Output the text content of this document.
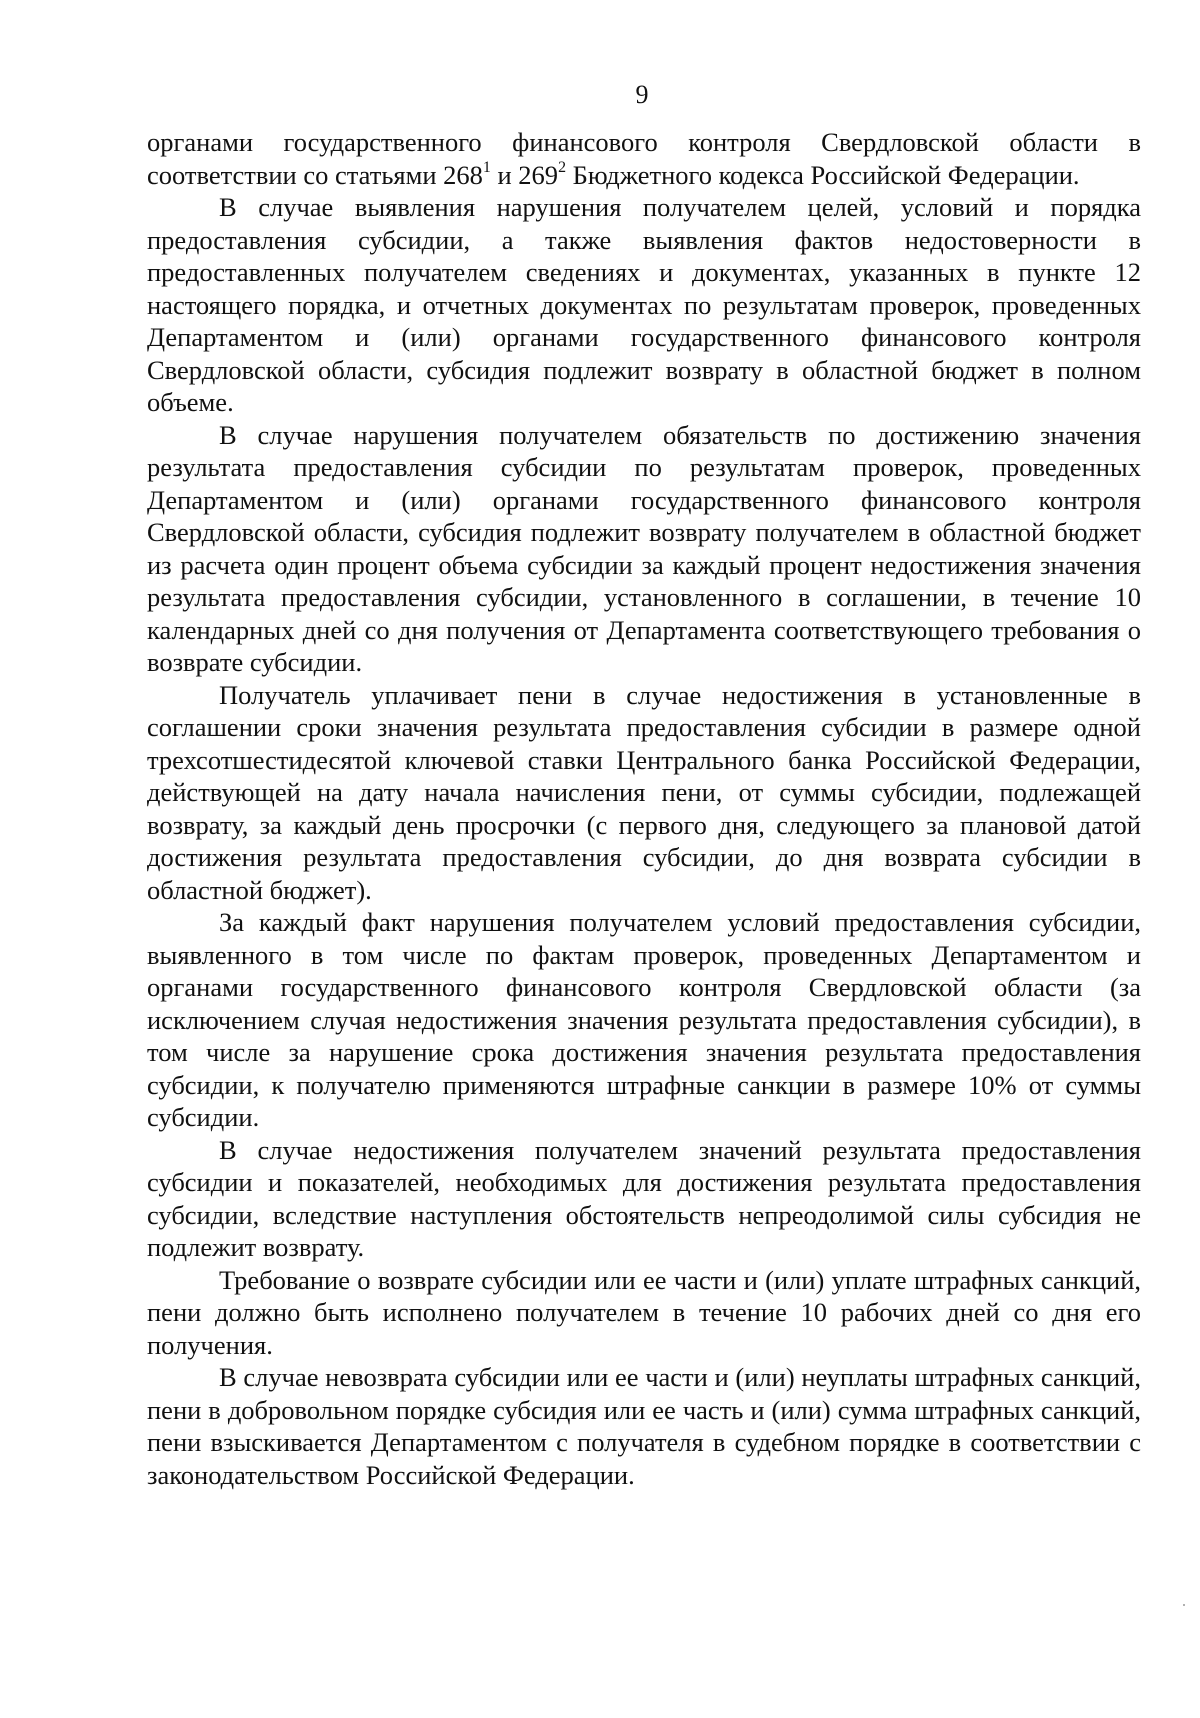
9

органами государственного финансового контроля Свердловской области в соответствии со статьями $268^1$ и $269^2$ Бюджетного кодекса Российской Федерации.

В случае выявления нарушения получателем целей, условий и порядка предоставления субсидии, а также выявления фактов недостоверности в предоставленных получателем сведениях и документах, указанных в пункте 12 настоящего порядка, и отчетных документах по результатам проверок, проведенных Департаментом и (или) органами государственного финансового контроля Свердловской области, субсидия подлежит возврату в областной бюджет в полном объеме.

В случае нарушения получателем обязательств по достижению значения результата предоставления субсидии по результатам проверок, проведенных Департаментом и (или) органами государственного финансового контроля Свердловской области, субсидия подлежит возврату получателем в областной бюджет из расчета один процент объема субсидии за каждый процент недостижения значения результата предоставления субсидии, установленного в соглашении, в течение 10 календарных дней со дня получения от Департамента соответствующего требования о возврате субсидии.

Получатель уплачивает пени в случае недостижения в установленные в соглашении сроки значения результата предоставления субсидии в размере одной трехсотшестидесятой ключевой ставки Центрального банка Российской Федерации, действующей на дату начала начисления пени, от суммы субсидии, подлежащей возврату, за каждый день просрочки (с первого дня, следующего за плановой датой достижения результата предоставления субсидии, до дня возврата субсидии в областной бюджет).

За каждый факт нарушения получателем условий предоставления субсидии, выявленного в том числе по фактам проверок, проведенных Департаментом и органами государственного финансового контроля Свердловской области (за исключением случая недостижения значения результата предоставления субсидии), в том числе за нарушение срока достижения значения результата предоставления субсидии, к получателю применяются штрафные санкции в размере 10% от суммы субсидии.

В случае недостижения получателем значений результата предоставления субсидии и показателей, необходимых для достижения результата предоставления субсидии, вследствие наступления обстоятельств непреодолимой силы субсидия не подлежит возврату.

Требование о возврате субсидии или ее части и (или) уплате штрафных санкций, пени должно быть исполнено получателем в течение 10 рабочих дней со дня его получения.

В случае невозврата субсидии или ее части и (или) неуплаты штрафных санкций, пени в добровольном порядке субсидия или ее часть и (или) сумма штрафных санкций, пени взыскивается Департаментом с получателя в судебном порядке в соответствии с законодательством Российской Федерации.
